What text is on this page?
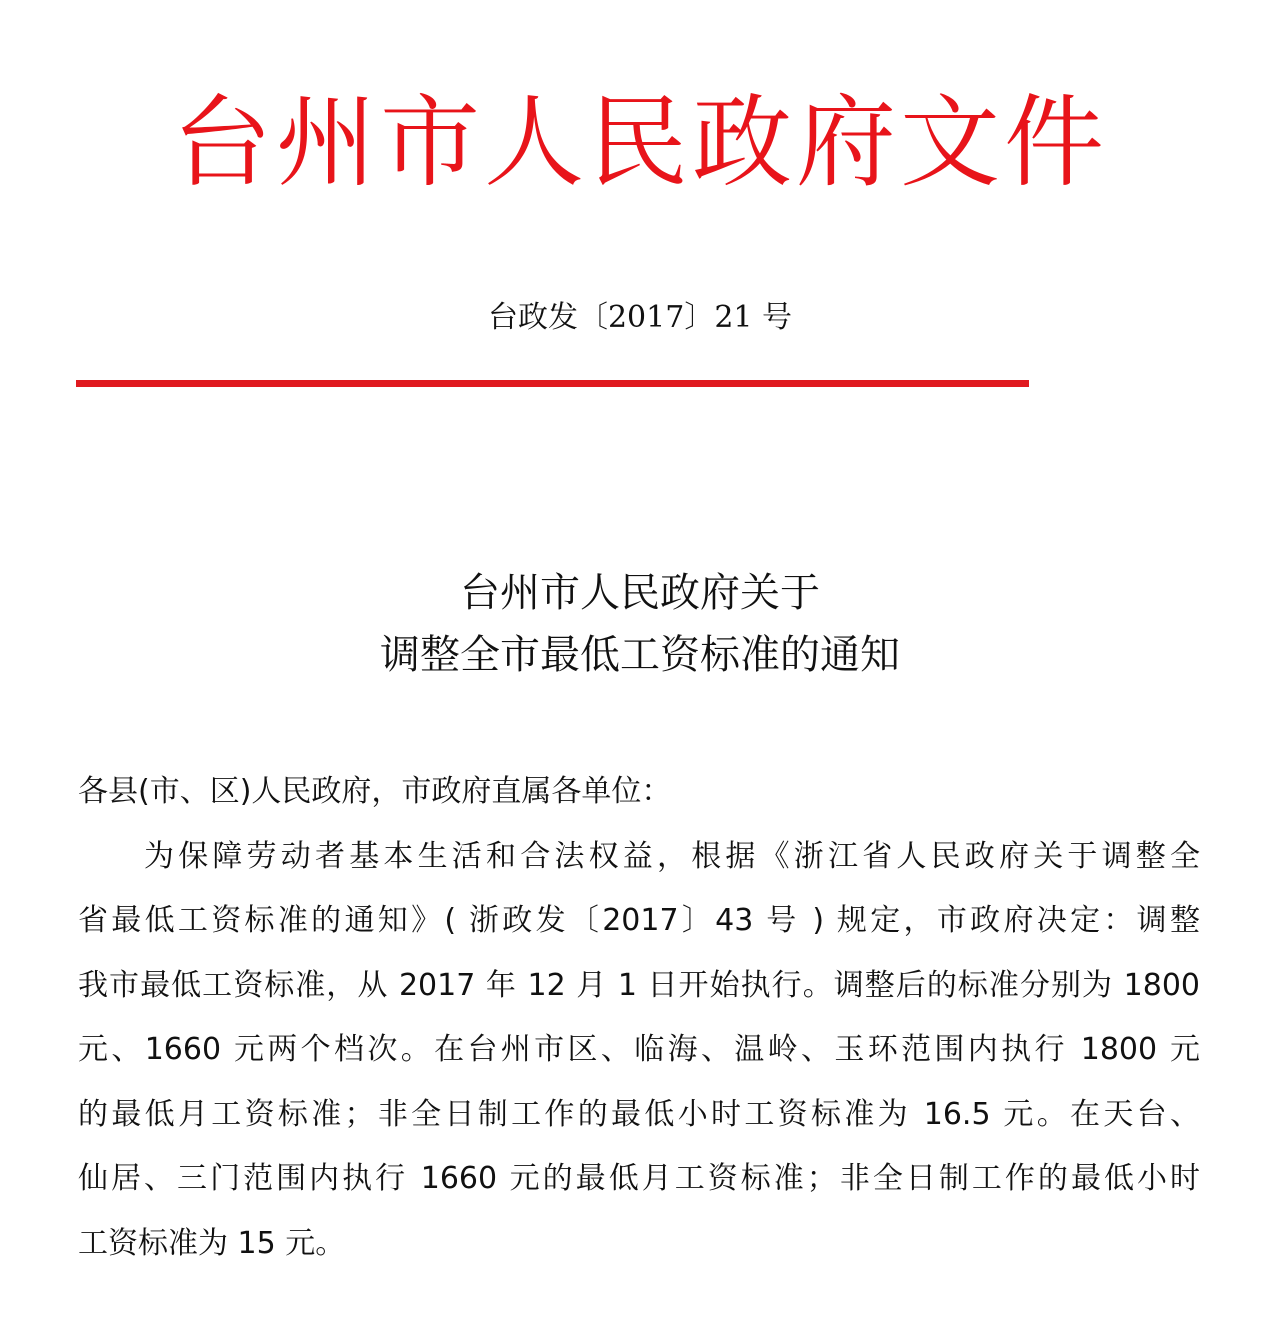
台州市人民政府文件
台政发〔2017〕21 号
台州市人民政府关于
调整全市最低工资标准的通知
各县(市、区)人民政府，市政府直属各单位：
为保障劳动者基本生活和合法权益，根据《浙江省人民政府关于调整全
省最低工资标准的通知》( 浙政发〔2017〕43 号 ) 规定，市政府决定：调整
我市最低工资标准，从 2017 年 12 月 1 日开始执行。调整后的标准分别为 1800
元、1660 元两个档次。在台州市区、临海、温岭、玉环范围内执行 1800 元
的最低月工资标准；非全日制工作的最低小时工资标准为 16.5 元。在天台、
仙居、三门范围内执行 1660 元的最低月工资标准；非全日制工作的最低小时
工资标准为 15 元。
